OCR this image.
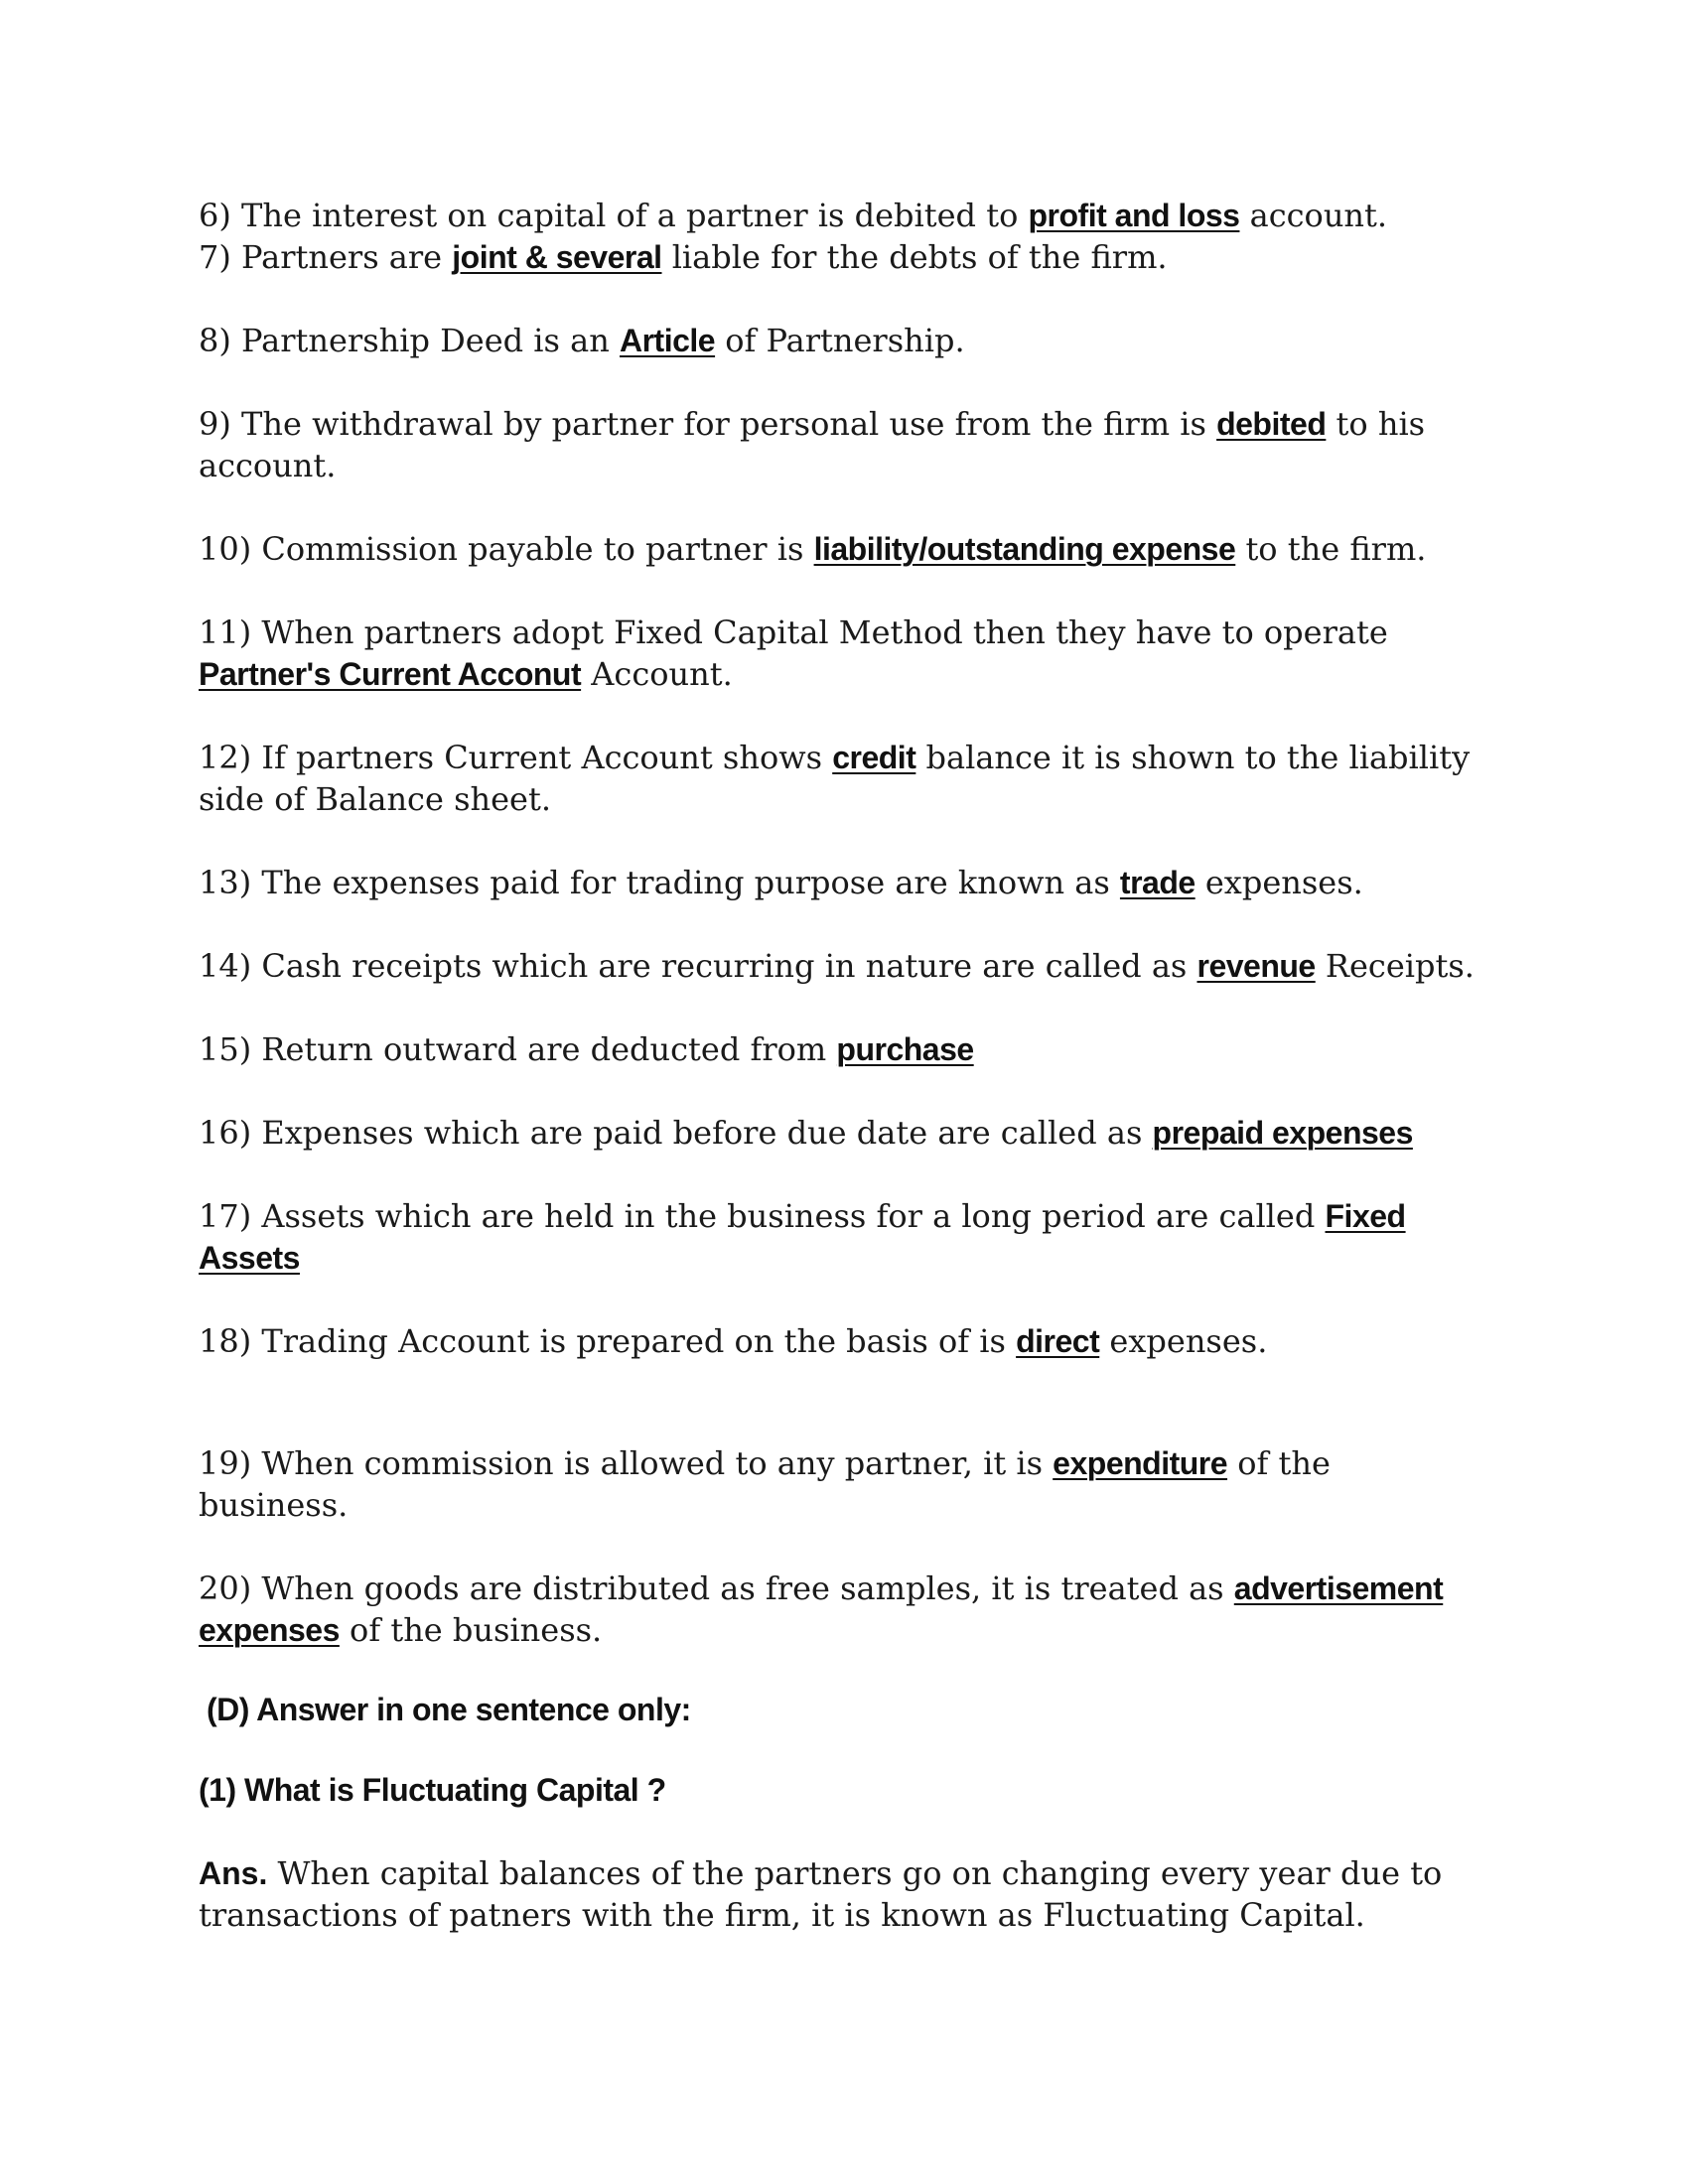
6) The interest on capital of a partner is debited to profit and loss account.

7) Partners are joint & several liable for the debts of the firm.

8) Partnership Deed is an Article of Partnership.

9) The withdrawal by partner for personal use from the firm is debited to his account.

10) Commission payable to partner is liability/outstanding expense to the firm.

11) When partners adopt Fixed Capital Method then they have to operate Partner's Current Acconut Account.

12) If partners Current Account shows credit balance it is shown to the liability side of Balance sheet.

13) The expenses paid for trading purpose are known as trade expenses.

14) Cash receipts which are recurring in nature are called as revenue Receipts.

15) Return outward are deducted from purchase

16) Expenses which are paid before due date are called as prepaid expenses

17) Assets which are held in the business for a long period are called Fixed Assets

18) Trading Account is prepared on the basis of is direct expenses.

19) When commission is allowed to any partner, it is expenditure of the business.

20) When goods are distributed as free samples, it is treated as advertisement expenses of the business.

(D) Answer in one sentence only:

(1) What is Fluctuating Capital ?

Ans. When capital balances of the partners go on changing every year due to transactions of patners with the firm, it is known as Fluctuating Capital.
